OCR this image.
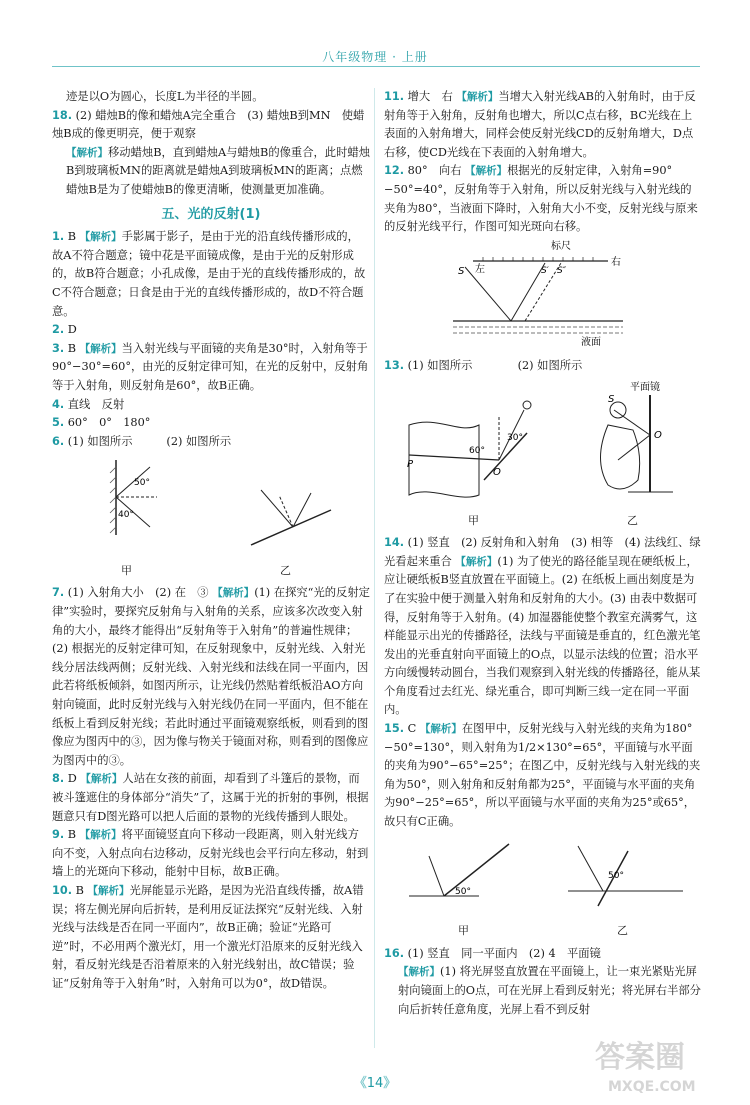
八年级物理 · 上册

迹是以O为圆心，长度L为半径的半圆。

18. (2) 蜡烛B的像和蜡烛A完全重合　(3) 蜡烛B到MN　使蜡烛B成的像更明亮，便于观察

【解析】移动蜡烛B，直到蜡烛A与蜡烛B的像重合，此时蜡烛B到玻璃板MN的距离就是蜡烛A到玻璃板MN的距离；点燃蜡烛B是为了使蜡烛B的像更清晰，使测量更加准确。

五、光的反射(1)

1. B 【解析】手影属于影子，是由于光的沿直线传播形成的，故A不符合题意；镜中花是平面镜成像，是由于光的反射形成的，故B符合题意；小孔成像，是由于光的直线传播形成的，故C不符合题意；日食是由于光的直线传播形成的，故D不符合题意。

2. D

3. B 【解析】当入射光线与平面镜的夹角是30°时，入射角等于90°−30°=60°，由光的反射定律可知，在光的反射中，反射角等于入射角，则反射角是60°，故B正确。

4. 直线　反射

5. 60°　0°　180°

6. (1) 如图所示　　　(2) 如图所示

50°
40°
甲	乙

7. (1) 入射角大小　(2) 在　③ 【解析】(1) 在探究“光的反射定律”实验时，要探究反射角与入射角的关系，应该多次改变入射角的大小，最终才能得出“反射角等于入射角”的普遍性规律；(2) 根据光的反射定律可知，在反射现象中，反射光线、入射光线分居法线两侧；反射光线、入射光线和法线在同一平面内，因此若将纸板倾斜，如图丙所示，让光线仍然贴着纸板沿AO方向射向镜面，此时反射光线与入射光线仍在同一平面内，但不能在纸板上看到反射光线；若此时通过平面镜观察纸板，则看到的图像应为图丙中的③，因为像与物关于镜面对称，则看到的图像应为图丙中的③。

8. D 【解析】人站在女孩的前面，却看到了斗篷后的景物，而被斗篷遮住的身体部分“消失”了，这属于光的折射的事例，根据题意只有D图光路可以把人后面的景物的光线传播到人眼处。

9. B 【解析】将平面镜竖直向下移动一段距离，则入射光线方向不变，入射点向右边移动，反射光线也会平行向左移动，射到墙上的光斑向下移动，能射中目标，故B正确。

10. B 【解析】光屏能显示光路，是因为光沿直线传播，故A错误；将左侧光屏向后折转，是利用反证法探究“反射光线、入射光线与法线是否在同一平面内”，故B正确；验证“光路可逆”时，不必用两个激光灯，用一个激光灯沿原来的反射光线入射，看反射光线是否沿着原来的入射光线射出，故C错误；验证“反射角等于入射角”时，入射角可以为0°，故D错误。

11. 增大　右 【解析】当增大入射光线AB的入射角时，由于反射角等于入射角，反射角也增大，所以C点右移，BC光线在上表面的入射角增大，同样会使反射光线CD的反射角增大，D点右移，使CD光线在下表面的入射角增大。

12. 80°　向右 【解析】根据光的反射定律，入射角=90°−50°=40°，反射角等于入射角，所以反射光线与入射光线的夹角为80°，当液面下降时，入射角大小不变，反射光线与原来的反射光线平行，作图可知光斑向右移。

标尺
左
右
S	S′ S″
液面

13. (1) 如图所示　　　　(2) 如图所示

30°
60°
P
O
甲
平面镜
S
O
乙

14. (1) 竖直　(2) 反射角和入射角　(3) 相等　(4) 法线红、绿光看起来重合 【解析】(1) 为了使光的路径能呈现在硬纸板上，应让硬纸板B竖直放置在平面镜上。(2) 在纸板上画出刻度是为了在实验中便于测量入射角和反射角的大小。(3) 由表中数据可得，反射角等于入射角。(4) 加湿器能使整个教室充满雾气，这样能显示出光的传播路径，法线与平面镜是垂直的，红色激光笔发出的光垂直射向平面镜上的O点，以显示法线的位置；沿水平方向缓慢转动圆台，当我们观察到入射光线的传播路径，能从某个角度看过去红光、绿光重合，即可判断三线一定在同一平面内。

15. C 【解析】在图甲中，反射光线与入射光线的夹角为180°−50°=130°，则入射角为1/2×130°=65°，平面镜与水平面的夹角为90°−65°=25°；在图乙中，反射光线与入射光线的夹角为50°，则入射角和反射角都为25°，平面镜与水平面的夹角为90°−25°=65°，所以平面镜与水平面的夹角为25°或65°，故只有C正确。

50°
甲
50°
乙

16. (1) 竖直　同一平面内　(2) 4　平面镜

【解析】(1) 将光屏竖直放置在平面镜上，让一束光紧贴光屏射向镜面上的O点，可在光屏上看到反射光；将光屏右半部分向后折转任意角度，光屏上看不到反射

《14》
答案圈
MXQE.COM
